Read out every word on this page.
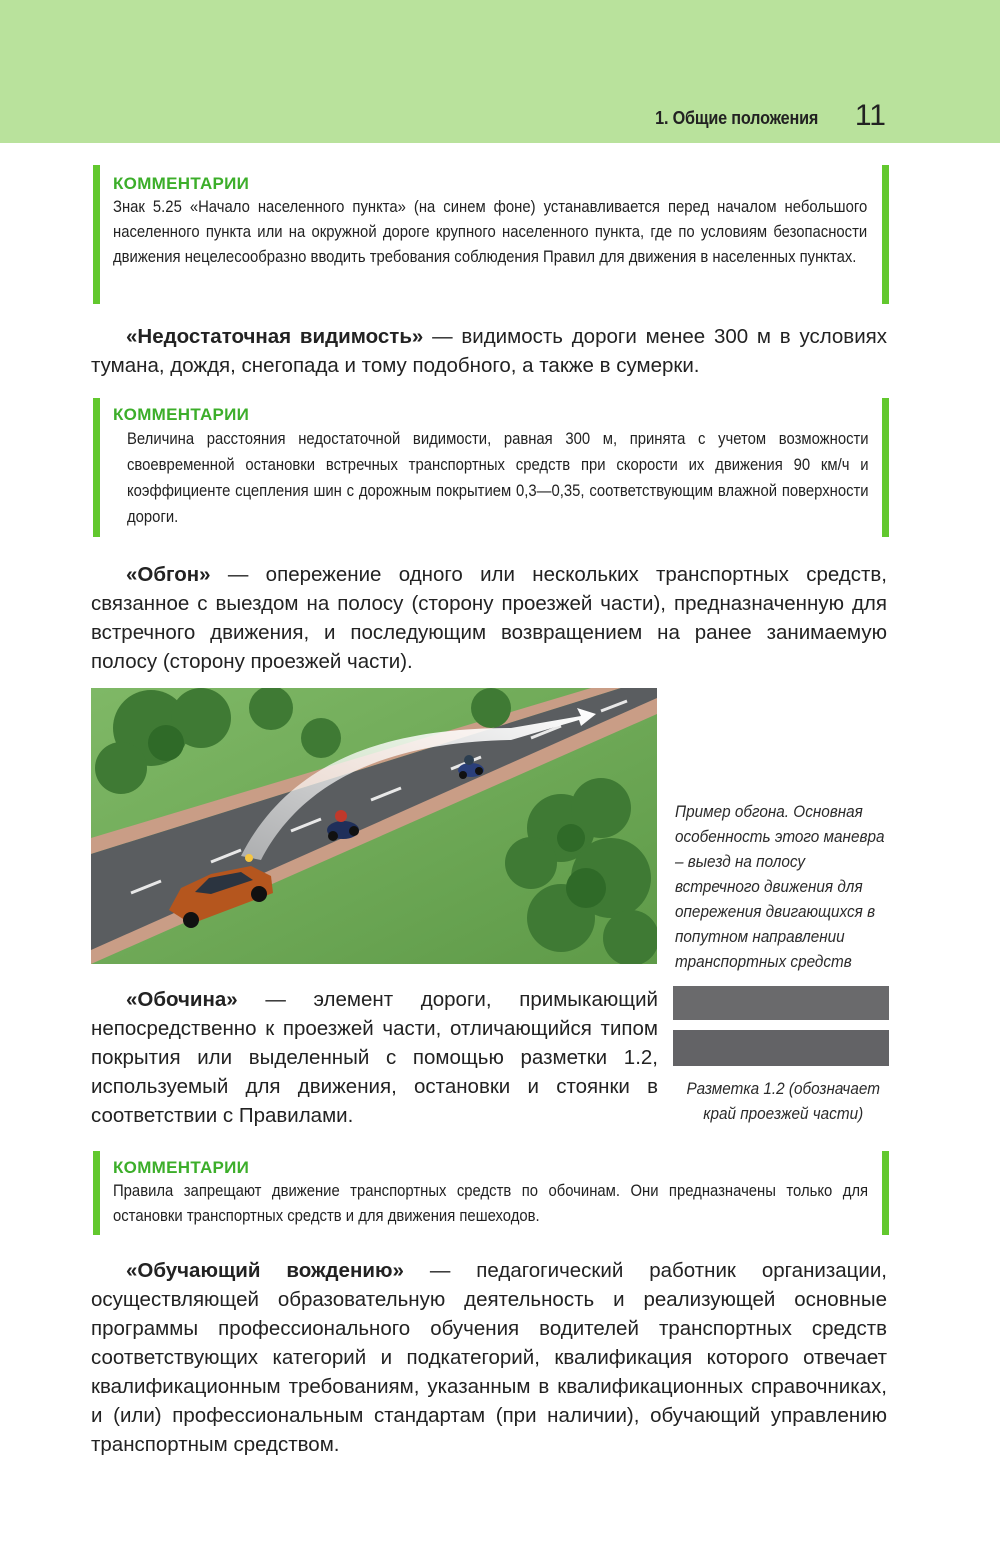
1. Общие положения 11
КОММЕНТАРИИ
Знак 5.25 «Начало населенного пункта» (на синем фоне) устанавливается перед началом небольшого населенного пункта или на окружной дороге крупного населенного пункта, где по условиям безопасности движения нецелесообразно вводить требования соблюдения Правил для движения в населенных пунктах.

«Недостаточная видимость» — видимость дороги менее 300 м в условиях тумана, дождя, снегопада и тому подобного, а также в сумерки.

КОММЕНТАРИИ
Величина расстояния недостаточной видимости, равная 300 м, принята с учетом возможности своевременной остановки встречных транспортных средств при скорости их движения 90 км/ч и коэффициенте сцепления шин с дорожным покрытием 0,3—0,35, соответствующим влажной поверхности дороги.

«Обгон» — опережение одного или нескольких транспортных средств, связанное с выездом на полосу (сторону проезжей части), предназначенную для встречного движения, и последующим возвращением на ранее занимаемую полосу (сторону проезжей части).

Пример обгона. Основная особенность этого маневра – выезд на полосу встречного движения для опережения двигающихся в попутном направлении транспортных средств

«Обочина» — элемент дороги, примыкающий непосредственно к проезжей части, отличающийся типом покрытия или выделенный с помощью разметки 1.2, используемый для движения, остановки и стоянки в соответствии с Правилами.

Разметка 1.2 (обозначает край проезжей части)
КОММЕНТАРИИ
Правила запрещают движение транспортных средств по обочинам. Они предназначены только для остановки транспортных средств и для движения пешеходов.

«Обучающий вождению» — педагогический работник организации, осуществляющей образовательную деятельность и реализующей основные программы профессионального обучения водителей транспортных средств соответствующих категорий и подкатегорий, квалификация которого отвечает квалификационным требованиям, указанным в квалификационных справочниках, и (или) профессиональным стандартам (при наличии), обучающий управлению транспортным средством.
